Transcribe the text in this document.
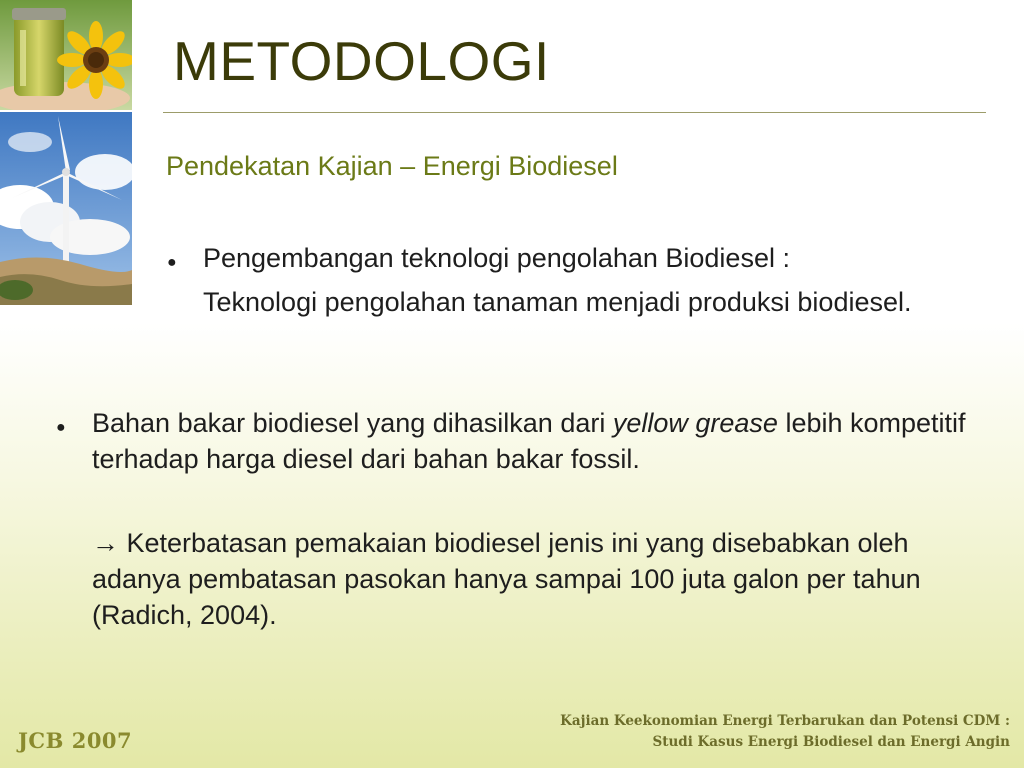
METODOLOGI

Pendekatan Kajian – Energi Biodiesel

● Pengembangan teknologi pengolahan Biodiesel :
Teknologi pengolahan tanaman menjadi produksi biodiesel.
● Bahan bakar biodiesel yang dihasilkan dari yellow grease lebih kompetitif terhadap harga diesel dari bahan bakar fossil.
→ Keterbatasan pemakaian biodiesel jenis ini yang disebabkan oleh adanya pembatasan pasokan hanya sampai 100 juta galon per tahun (Radich, 2004).
JCB 2007
Kajian Keekonomian Energi Terbarukan dan Potensi CDM :
Studi Kasus Energi Biodiesel dan Energi Angin
